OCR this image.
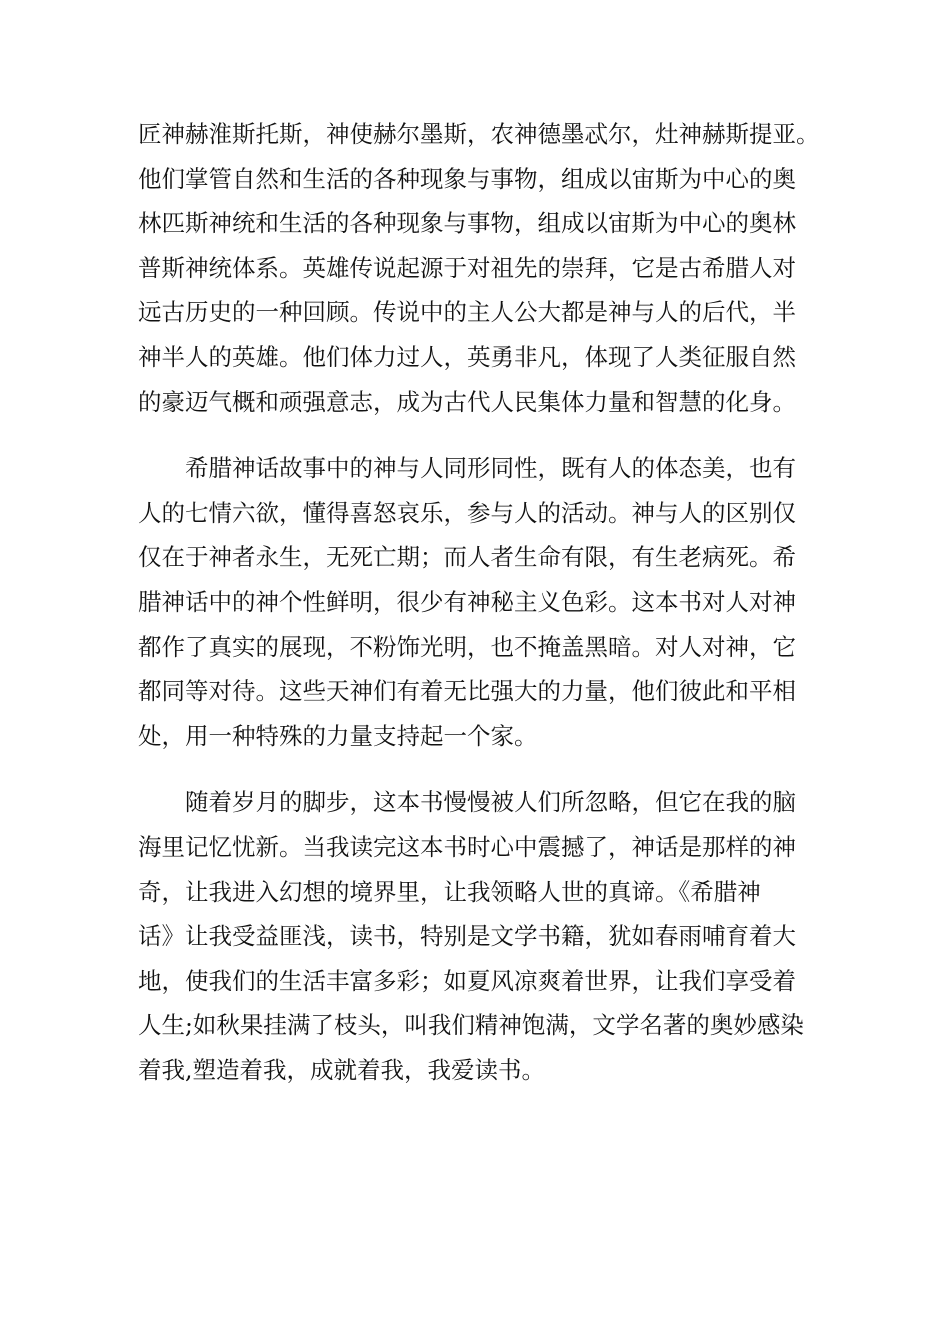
匠神赫淮斯托斯，神使赫尔墨斯，农神德墨忒尔，灶神赫斯提亚。
他们掌管自然和生活的各种现象与事物，组成以宙斯为中心的奥
林匹斯神统和生活的各种现象与事物，组成以宙斯为中心的奥林
普斯神统体系。英雄传说起源于对祖先的崇拜，它是古希腊人对
远古历史的一种回顾。传说中的主人公大都是神与人的后代，半
神半人的英雄。他们体力过人，英勇非凡，体现了人类征服自然
的豪迈气概和顽强意志，成为古代人民集体力量和智慧的化身。
　　希腊神话故事中的神与人同形同性，既有人的体态美，也有
人的七情六欲，懂得喜怒哀乐，参与人的活动。神与人的区别仅
仅在于神者永生，无死亡期；而人者生命有限，有生老病死。希
腊神话中的神个性鲜明，很少有神秘主义色彩。这本书对人对神
都作了真实的展现，不粉饰光明，也不掩盖黑暗。对人对神，它
都同等对待。这些天神们有着无比强大的力量，他们彼此和平相
处，用一种特殊的力量支持起一个家。
　　随着岁月的脚步，这本书慢慢被人们所忽略，但它在我的脑
海里记忆忧新。当我读完这本书时心中震撼了，神话是那样的神
奇，让我进入幻想的境界里，让我领略人世的真谛。《希腊神
话》让我受益匪浅，读书，特别是文学书籍，犹如春雨哺育着大
地，使我们的生活丰富多彩；如夏风凉爽着世界，让我们享受着
人生;如秋果挂满了枝头，叫我们精神饱满，文学名著的奥妙感染
着我,塑造着我，成就着我，我爱读书。
